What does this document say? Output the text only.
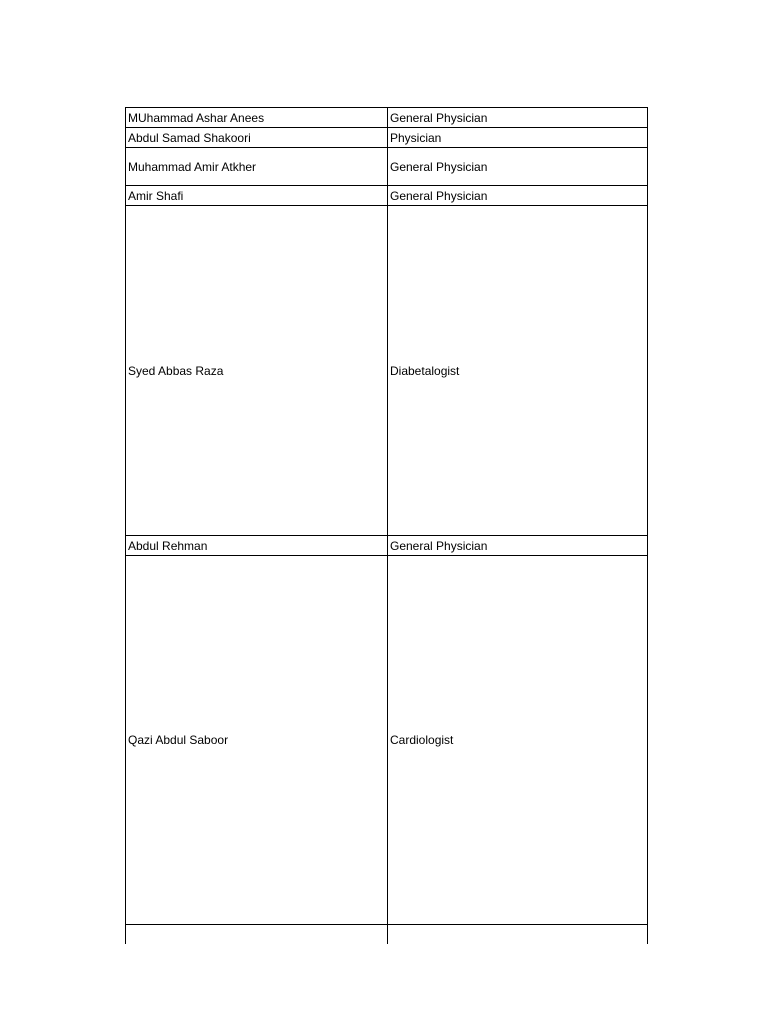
MUhammad Ashar Anees	General Physician
Abdul Samad Shakoori	Physician
Muhammad Amir Atkher	General Physician
Amir Shafi	General Physician
Syed Abbas Raza	Diabetalogist
Abdul Rehman	General Physician
Qazi Abdul Saboor	Cardiologist
